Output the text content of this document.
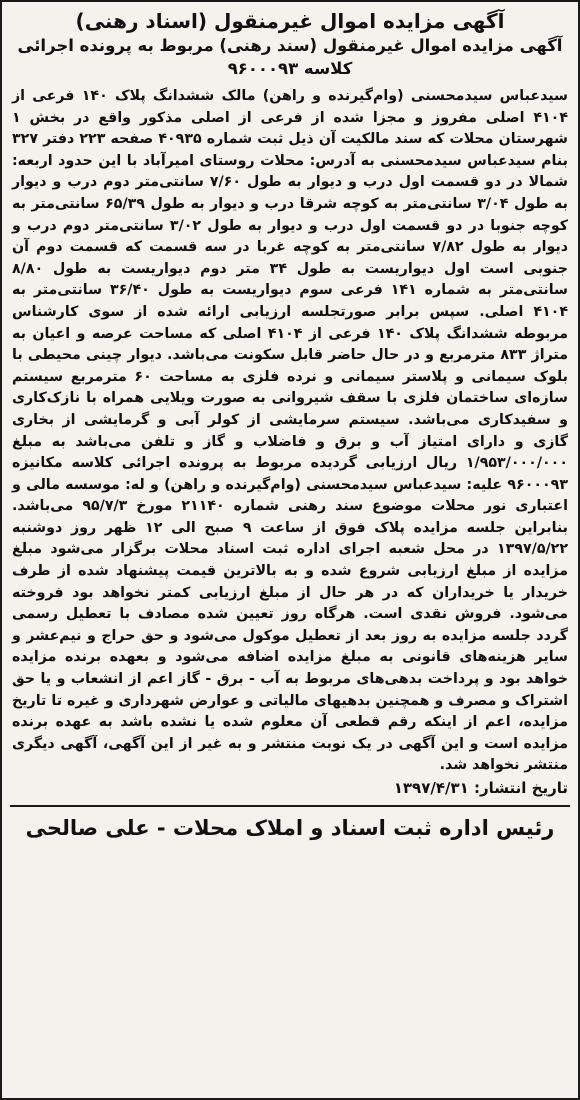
آگهی مزایده اموال غیرمنقول (اسناد رهنی)

آگهی مزایده اموال غیرمنقول (سند رهنی) مربوط به پرونده اجرائی

کلاسه ۹۶۰۰۰۹۳

سیدعباس سیدمحسنی (وام‌گیرنده و راهن) مالک ششدانگ پلاک ۱۴۰ فرعی از ۴۱۰۴ اصلی مفروز و مجزا شده از فرعی از اصلی مذکور واقع در بخش ۱ شهرستان محلات که سند مالکیت آن ذیل ثبت شماره ۴۰۹۳۵ صفحه ۲۲۳ دفتر ۳۲۷ بنام سیدعباس سیدمحسنی به آدرس: محلات روستای امیرآباد با این حدود اربعه: شمالا در دو قسمت اول درب و دیوار به طول ۷/۶۰ سانتی‌متر دوم درب و دیوار به طول ۳/۰۴ سانتی‌متر به کوچه شرقا درب و دیوار به طول ۶۵/۳۹ سانتی‌متر به کوچه جنوبا در دو قسمت اول درب و دیوار به طول ۳/۰۲ سانتی‌متر دوم درب و دیوار به طول ۷/۸۲ سانتی‌متر به کوچه غربا در سه قسمت که قسمت دوم آن جنوبی است اول دیواریست به طول ۳۴ متر دوم دیواریست به طول ۸/۸۰ سانتی‌متر به شماره ۱۴۱ فرعی سوم دیواریست به طول ۳۶/۴۰ سانتی‌متر به ۴۱۰۴ اصلی. سپس برابر صورتجلسه ارزیابی ارائه شده از سوی کارشناس مربوطه ششدانگ پلاک ۱۴۰ فرعی از ۴۱۰۴ اصلی که مساحت عرصه و اعیان به متراژ ۸۳۳ مترمربع و در حال حاضر قابل سکونت می‌باشد. دیوار چینی محیطی با بلوک سیمانی و پلاستر سیمانی و نرده فلزی به مساحت ۶۰ مترمربع سیستم سازه‌ای ساختمان فلزی با سقف شیروانی به صورت ویلایی همراه با نازک‌کاری و سفیدکاری می‌باشد. سیستم سرمایشی از کولر آبی و گرمایشی از بخاری گازی و دارای امتیاز آب و برق و فاضلاب و گاز و تلفن می‌باشد به مبلغ ۱/۹۵۳/۰۰۰/۰۰۰ ریال ارزیابی گردیده مربوط به پرونده اجرائی کلاسه مکانیزه ۹۶۰۰۰۹۳ علیه: سیدعباس سیدمحسنی (وام‌گیرنده و راهن) و له: موسسه مالی و اعتباری نور محلات موضوع سند رهنی شماره ۲۱۱۴۰ مورخ ۹۵/۷/۳ می‌باشد. بنابراین جلسه مزایده پلاک فوق از ساعت ۹ صبح الی ۱۲ ظهر روز دوشنبه ۱۳۹۷/۵/۲۲ در محل شعبه اجرای اداره ثبت اسناد محلات برگزار می‌شود مبلغ مزایده از مبلغ ارزیابی شروع شده و به بالاترین قیمت پیشنهاد شده از طرف خریدار یا خریداران که در هر حال از مبلغ ارزیابی کمتر نخواهد بود فروخته می‌شود. فروش نقدی است. هرگاه روز تعیین شده مصادف با تعطیل رسمی گردد جلسه مزایده به روز بعد از تعطیل موکول می‌شود و حق حراج و نیم‌عشر و سایر هزینه‌های قانونی به مبلغ مزایده اضافه می‌شود و بعهده برنده مزایده خواهد بود و پرداخت بدهی‌های مربوط به آب - برق - گاز اعم از انشعاب و یا حق اشتراک و مصرف و همچنین بدهیهای مالیاتی و عوارض شهرداری و غیره تا تاریخ مزایده، اعم از اینکه رقم قطعی آن معلوم شده یا نشده باشد به عهده برنده مزایده است و این آگهی در یک نوبت منتشر و به غیر از این آگهی، آگهی دیگری منتشر نخواهد شد.
تاریخ انتشار: ۱۳۹۷/۴/۳۱
رئیس اداره ثبت اسناد و املاک محلات - علی صالحی
